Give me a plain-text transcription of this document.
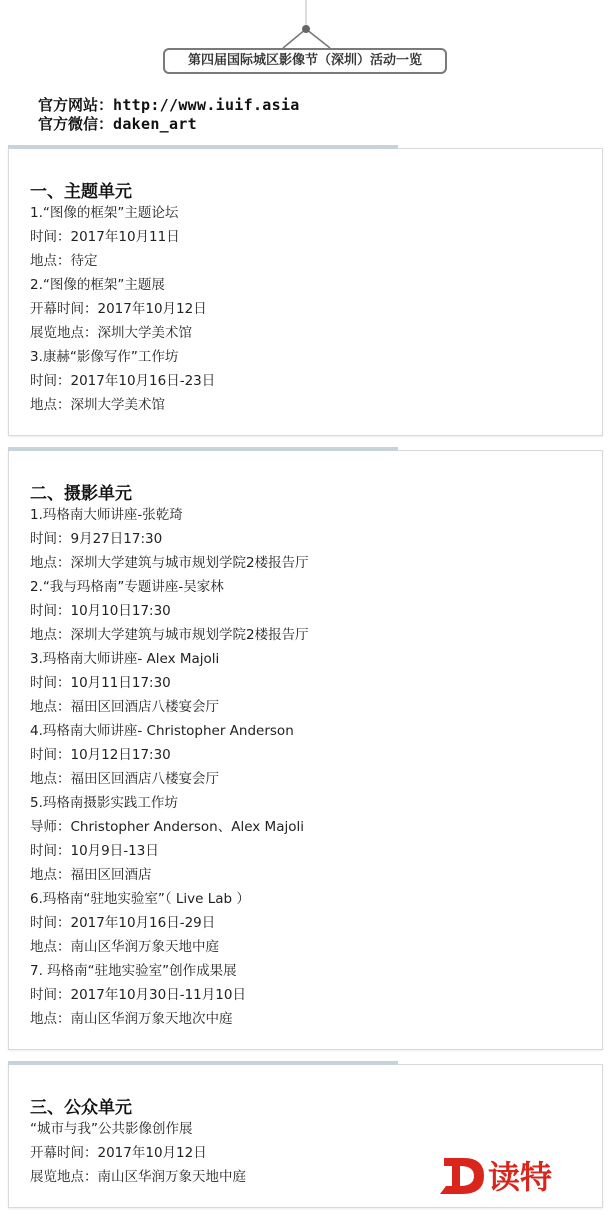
第四届国际城区影像节（深圳）活动一览
官方网站：http://www.iuif.asia
官方微信：daken_art
一、主题单元
1.“图像的框架”主题论坛
时间：2017年10月11日
地点：待定
2.“图像的框架”主题展
开幕时间：2017年10月12日
展览地点：深圳大学美术馆
3.康赫“影像写作”工作坊
时间：2017年10月16日-23日
地点：深圳大学美术馆
二、摄影单元
1.玛格南大师讲座-张乾琦
时间：9月27日17:30
地点：深圳大学建筑与城市规划学院2楼报告厅
2.“我与玛格南”专题讲座-吴家林
时间：10月10日17:30
地点：深圳大学建筑与城市规划学院2楼报告厅
3.玛格南大师讲座- Alex Majoli
时间：10月11日17:30
地点：福田区回酒店八楼宴会厅
4.玛格南大师讲座- Christopher Anderson
时间：10月12日17:30
地点：福田区回酒店八楼宴会厅
5.玛格南摄影实践工作坊
导师：Christopher Anderson、Alex Majoli
时间：10月9日-13日
地点：福田区回酒店
6.玛格南“驻地实验室”（ Live Lab ）
时间：2017年10月16日-29日
地点：南山区华润万象天地中庭
7. 玛格南“驻地实验室”创作成果展
时间：2017年10月30日-11月10日
地点：南山区华润万象天地次中庭
三、公众单元
“城市与我”公共影像创作展
开幕时间：2017年10月12日
展览地点：南山区华润万象天地中庭	读特
